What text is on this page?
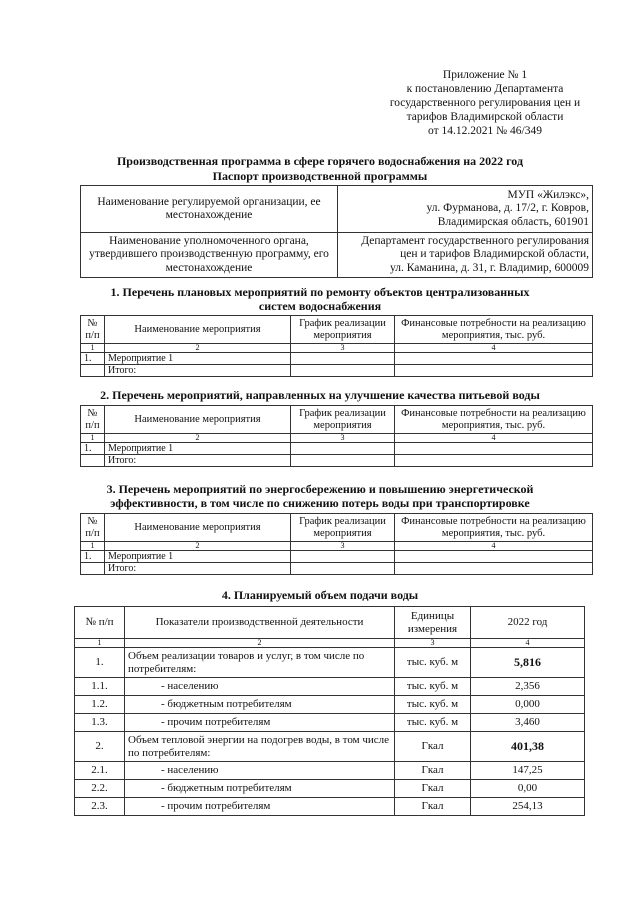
Приложение № 1
к постановлению Департамента
государственного регулирования цен и
тарифов Владимирской области
от 14.12.2021 № 46/349
Производственная программа в сфере горячего водоснабжения на 2022 год
Паспорт производственной программы
Наименование регулируемой организации, ее местонахождение	МУП «Жилэкс»,
ул. Фурманова, д. 17/2, г. Ковров,
Владимирская область, 601901

Наименование уполномоченного органа, утвердившего производственную программу, его местонахождение	Департамент государственного регулирования
цен и тарифов Владимирской области,
ул. Каманина, д. 31, г. Владимир, 600009
1. Перечень плановых мероприятий по ремонту объектов централизованных
систем водоснабжения
№ п/п	Наименование мероприятия	График реализации мероприятия	Финансовые потребности на реализацию мероприятия, тыс. руб.
1	2	3	4
1.	Мероприятие 1		
	Итого:		
2. Перечень мероприятий, направленных на улучшение качества питьевой воды
№ п/п	Наименование мероприятия	График реализации мероприятия	Финансовые потребности на реализацию мероприятия, тыс. руб.
1	2	3	4
1.	Мероприятие 1		
	Итого:		
3. Перечень мероприятий по энергосбережению и повышению энергетической
эффективности, в том числе по снижению потерь воды при транспортировке
№ п/п	Наименование мероприятия	График реализации мероприятия	Финансовые потребности на реализацию мероприятия, тыс. руб.
1	2	3	4
1.	Мероприятие 1		
	Итого:		
4. Планируемый объем подачи воды
№ п/п	Показатели производственной деятельности	Единицы измерения	2022 год
1	2	3	4
1.	Объем реализации товаров и услуг, в том числе по потребителям:	тыс. куб. м	5,816
1.1.	- населению	тыс. куб. м	2,356
1.2.	- бюджетным потребителям	тыс. куб. м	0,000
1.3.	- прочим потребителям	тыс. куб. м	3,460
2.	Объем тепловой энергии на подогрев воды, в том числе по потребителям:	Гкал	401,38
2.1.	- населению	Гкал	147,25
2.2.	- бюджетным потребителям	Гкал	0,00
2.3.	- прочим потребителям	Гкал	254,13
